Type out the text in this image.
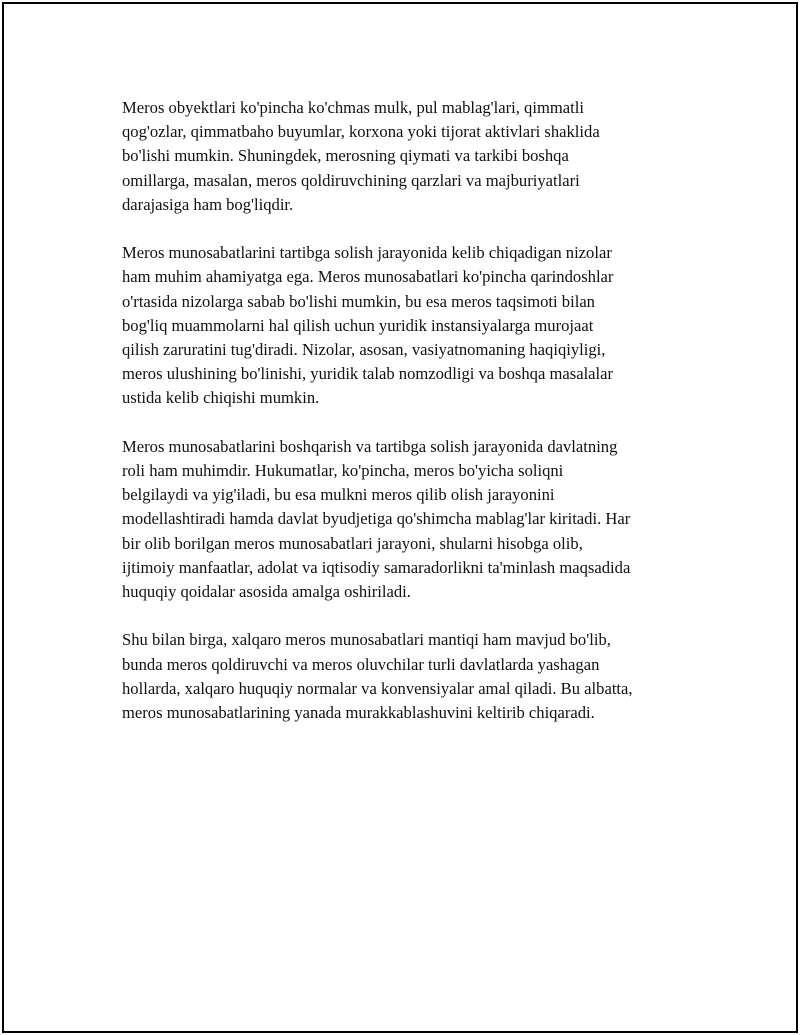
Meros obyektlari ko'pincha ko'chmas mulk, pul mablag'lari, qimmatli
qog'ozlar, qimmatbaho buyumlar, korxona yoki tijorat aktivlari shaklida
bo'lishi mumkin. Shuningdek, merosning qiymati va tarkibi boshqa
omillarga, masalan, meros qoldiruvchining qarzlari va majburiyatlari
darajasiga ham bog'liqdir.

Meros munosabatlarini tartibga solish jarayonida kelib chiqadigan nizolar
ham muhim ahamiyatga ega. Meros munosabatlari ko'pincha qarindoshlar
o'rtasida nizolarga sabab bo'lishi mumkin, bu esa meros taqsimoti bilan
bog'liq muammolarni hal qilish uchun yuridik instansiyalarga murojaat
qilish zaruratini tug'diradi. Nizolar, asosan, vasiyatnomaning haqiqiyligi,
meros ulushining bo'linishi, yuridik talab nomzodligi va boshqa masalalar
ustida kelib chiqishi mumkin.

Meros munosabatlarini boshqarish va tartibga solish jarayonida davlatning
roli ham muhimdir. Hukumatlar, ko'pincha, meros bo'yicha soliqni
belgilaydi va yig'iladi, bu esa mulkni meros qilib olish jarayonini
modellashtiradi hamda davlat byudjetiga qo'shimcha mablag'lar kiritadi. Har
bir olib borilgan meros munosabatlari jarayoni, shularni hisobga olib,
ijtimoiy manfaatlar, adolat va iqtisodiy samaradorlikni ta'minlash maqsadida
huquqiy qoidalar asosida amalga oshiriladi.

Shu bilan birga, xalqaro meros munosabatlari mantiqi ham mavjud bo'lib,
bunda meros qoldiruvchi va meros oluvchilar turli davlatlarda yashagan
hollarda, xalqaro huquqiy normalar va konvensiyalar amal qiladi. Bu albatta,
meros munosabatlarining yanada murakkablashuvini keltirib chiqaradi.
